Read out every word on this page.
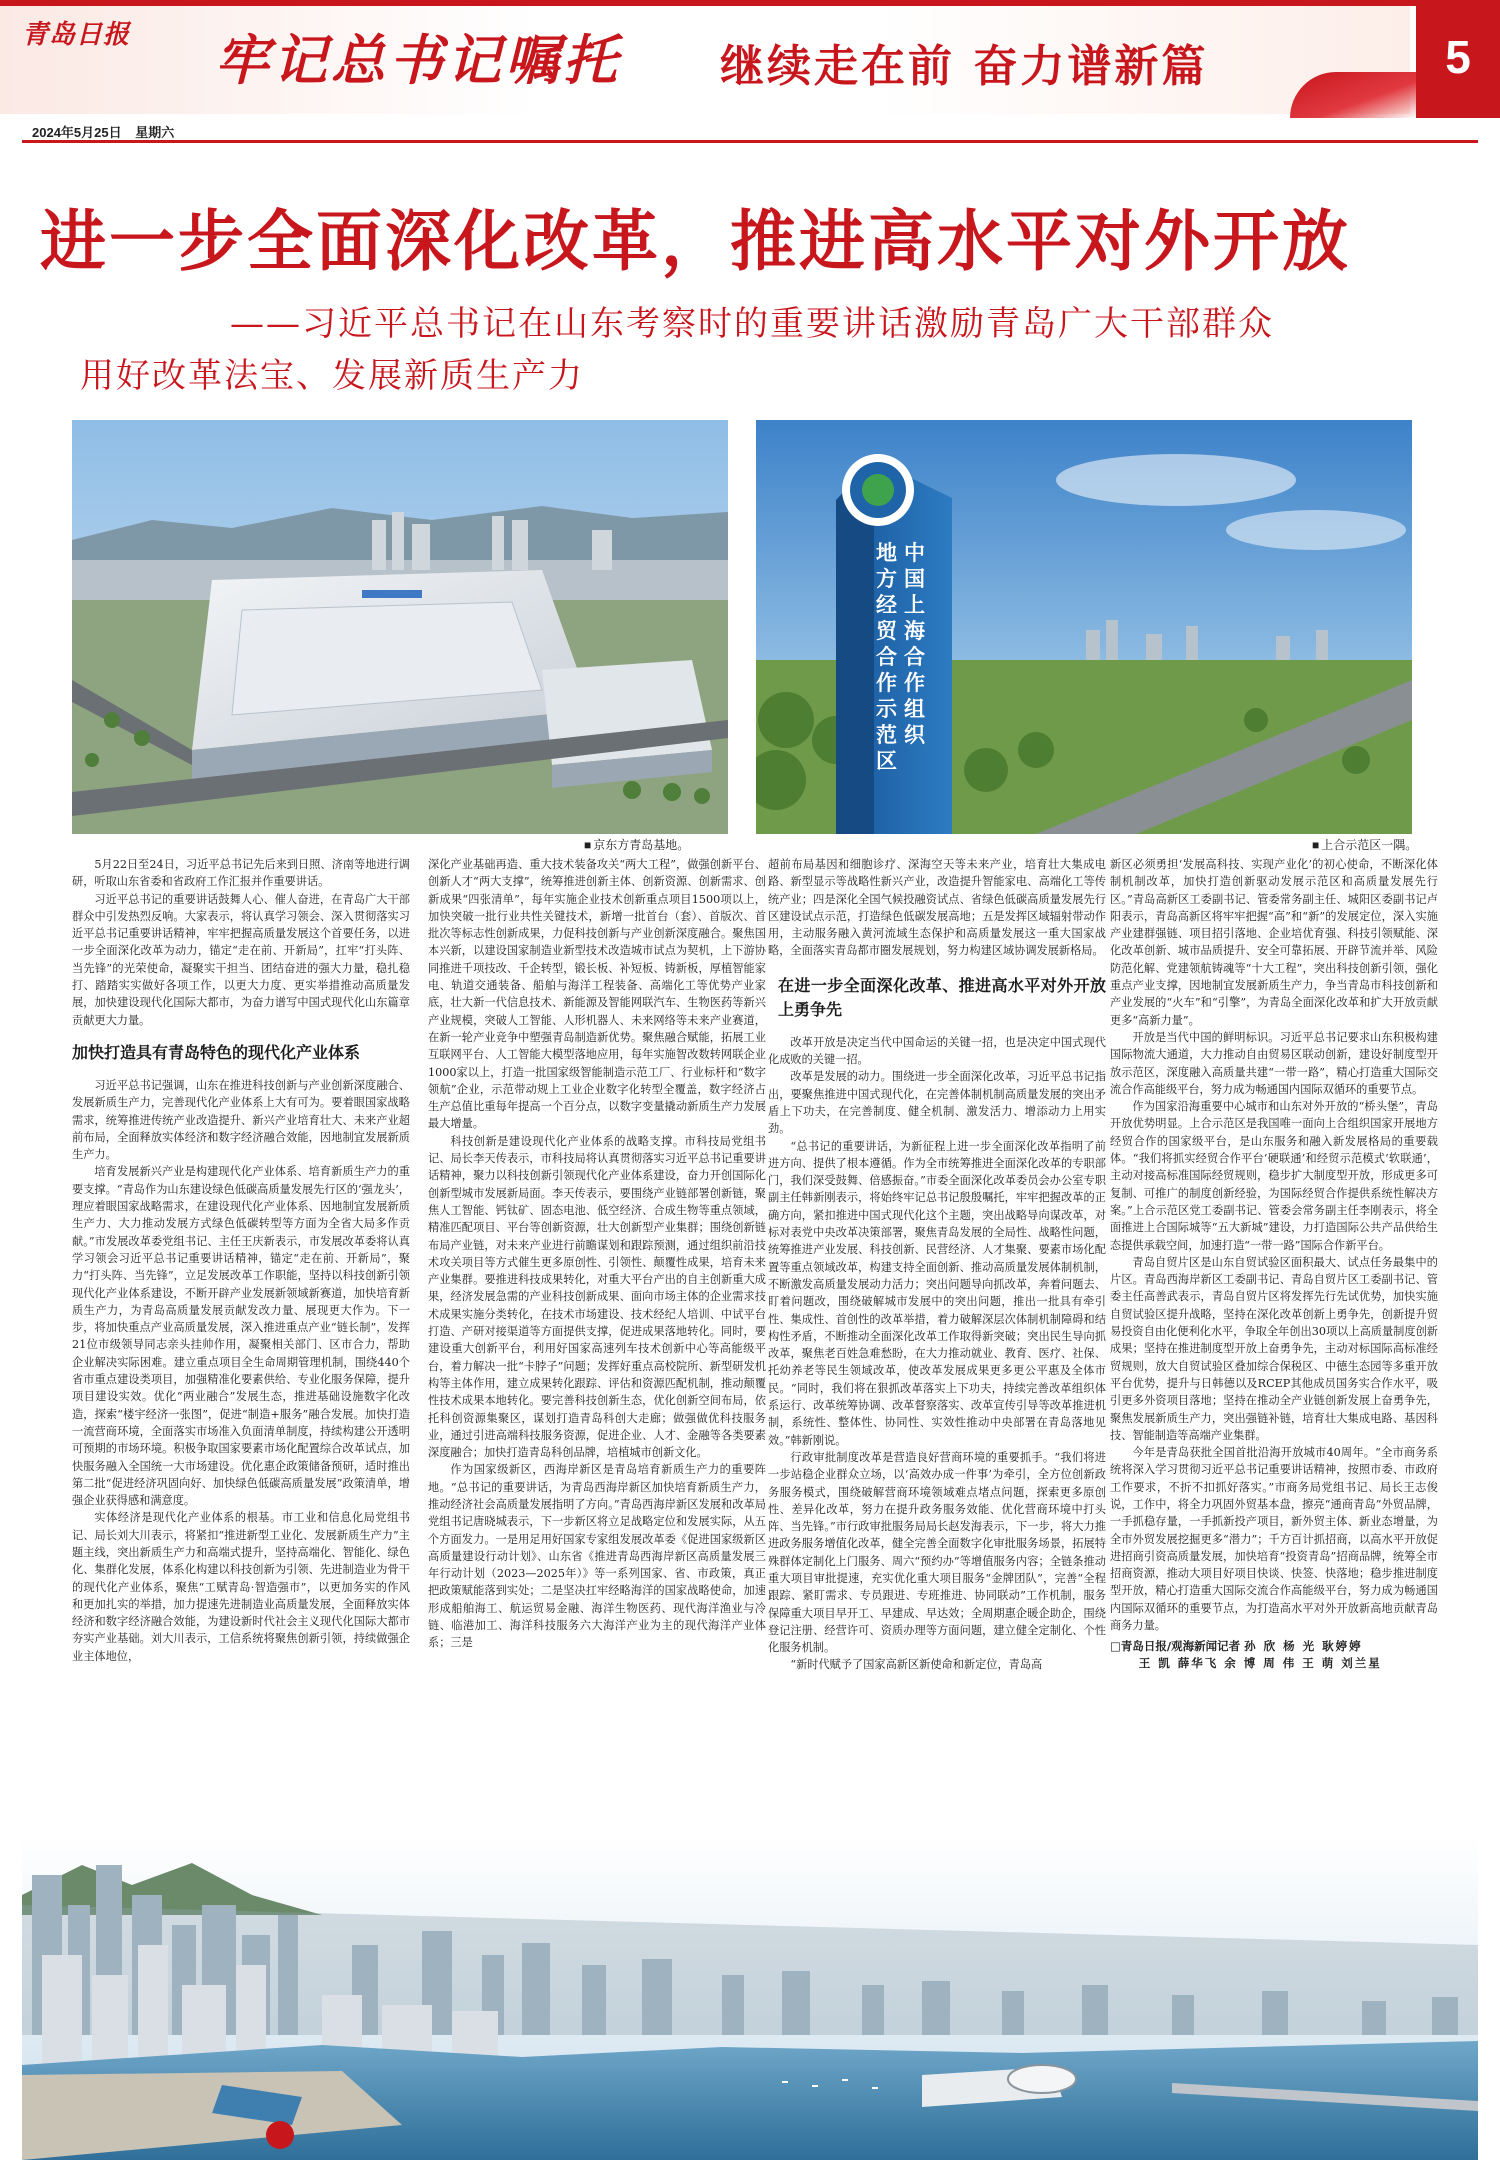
青岛日报 牢记总书记嘱托 继续走在前 奋力谱新篇	5
2024年5月25日 星期六
进一步全面深化改革，推进高水平对外开放
——习近平总书记在山东考察时的重要讲话激励青岛广大干部群众
用好改革法宝、发展新质生产力
■ 京东方青岛基地。
中
国
上
海
合
作
组
织
地
方
经
贸
合
作
示
范
区
■ 上合示范区一隅。

5月22日至24日，习近平总书记先后来到日照、济南等地进行调研，听取山东省委和省政府工作汇报并作重要讲话。

习近平总书记的重要讲话鼓舞人心、催人奋进，在青岛广大干部群众中引发热烈反响。大家表示，将认真学习领会、深入贯彻落实习近平总书记重要讲话精神，牢牢把握高质量发展这个首要任务，以进一步全面深化改革为动力，锚定“走在前、开新局”，扛牢“打头阵、当先锋”的光荣使命，凝聚实干担当、团结奋进的强大力量，稳扎稳打、踏踏实实做好各项工作，以更大力度、更实举措推动高质量发展，加快建设现代化国际大都市，为奋力谱写中国式现代化山东篇章贡献更大力量。

加快打造具有青岛特色的现代化产业体系

习近平总书记强调，山东在推进科技创新与产业创新深度融合、发展新质生产力，完善现代化产业体系上大有可为。要着眼国家战略需求，统筹推进传统产业改造提升、新兴产业培育壮大、未来产业超前布局，全面释放实体经济和数字经济融合效能，因地制宜发展新质生产力。

培育发展新兴产业是构建现代化产业体系、培育新质生产力的重要支撑。“青岛作为山东建设绿色低碳高质量发展先行区的‘强龙头’，理应着眼国家战略需求，在建设现代化产业体系、因地制宜发展新质生产力、大力推动发展方式绿色低碳转型等方面为全省大局多作贡献。”市发展改革委党组书记、主任王庆新表示，市发展改革委将认真学习领会习近平总书记重要讲话精神，锚定“走在前、开新局”，聚力“打头阵、当先锋”，立足发展改革工作职能，坚持以科技创新引领现代化产业体系建设，不断开辟产业发展新领域新赛道，加快培育新质生产力，为青岛高质量发展贡献发改力量、展现更大作为。下一步，将加快重点产业高质量发展，深入推进重点产业“链长制”，发挥21位市级领导同志亲头挂帅作用，凝聚相关部门、区市合力，帮助企业解决实际困难。建立重点项目全生命周期管理机制，围绕440个省市重点建设类项目，加强精准化要素供给、专业化服务保障，提升项目建设实效。优化“两业融合”发展生态，推进基础设施数字化改造，探索“楼宇经济一张图”，促进“制造+服务”融合发展。加快打造一流营商环境，全面落实市场准入负面清单制度，持续构建公开透明可预期的市场环境。积极争取国家要素市场化配置综合改革试点，加快服务融入全国统一大市场建设。优化惠企政策储备预研，适时推出第二批“促进经济巩固向好、加快绿色低碳高质量发展”政策清单，增强企业获得感和满意度。

实体经济是现代化产业体系的根基。市工业和信息化局党组书记、局长刘大川表示，将紧扣“推进新型工业化、发展新质生产力”主题主线，突出新质生产力和高端式提升，坚持高端化、智能化、绿色化、集群化发展，体系化构建以科技创新为引领、先进制造业为骨干的现代化产业体系，聚焦“工赋青岛·智造强市”，以更加务实的作风和更加扎实的举措，加力提速先进制造业高质量发展，全面释放实体经济和数字经济融合效能，为建设新时代社会主义现代化国际大都市夯实产业基础。刘大川表示，工信系统将聚焦创新引领，持续做强企业主体地位，

深化产业基础再造、重大技术装备攻关“两大工程”，做强创新平台、创新人才“两大支撑”，统筹推进创新主体、创新资源、创新需求、创新成果“四张清单”，每年实施企业技术创新重点项目1500项以上，加快突破一批行业共性关键技术，新增一批首台（套）、首版次、首批次等标志性创新成果，力促科技创新与产业创新深度融合。聚焦国本兴新，以建设国家制造业新型技术改造城市试点为契机，上下游协同推进千项技改、千企转型，锻长板、补短板、铸新板，厚植智能家电、轨道交通装备、船舶与海洋工程装备、高端化工等优势产业家底，壮大新一代信息技术、新能源及智能网联汽车、生物医药等新兴产业规模，突破人工智能、人形机器人、未来网络等未来产业赛道，在新一轮产业竞争中塑强青岛制造新优势。聚焦融合赋能，拓展工业互联网平台、人工智能大模型落地应用，每年实施智改数转网联企业1000家以上，打造一批国家级智能制造示范工厂、行业标杆和“数字领航”企业，示范带动规上工业企业数字化转型全覆盖，数字经济占生产总值比重每年提高一个百分点，以数字变量撬动新质生产力发展最大增量。

科技创新是建设现代化产业体系的战略支撑。市科技局党组书记、局长李天传表示，市科技局将认真贯彻落实习近平总书记重要讲话精神，聚力以科技创新引领现代化产业体系建设，奋力开创国际化创新型城市发展新局面。李天传表示，要围绕产业链部署创新链，聚焦人工智能、钙钛矿、固态电池、低空经济、合成生物等重点领域，精准匹配项目、平台等创新资源，壮大创新型产业集群；围绕创新链布局产业链，对未来产业进行前瞻谋划和跟踪预测，通过组织前沿技术攻关项目等方式催生更多原创性、引领性、颠覆性成果，培育未来产业集群。要推进科技成果转化，对重大平台产出的自主创新重大成果，经济发展急需的产业科技创新成果、面向市场主体的企业需求技术成果实施分类转化，在技术市场建设、技术经纪人培训、中试平台打造、产研对接渠道等方面提供支撑，促进成果落地转化。同时，要建设重大创新平台，利用好国家高速列车技术创新中心等高能级平台，着力解决一批“卡脖子”问题；发挥好重点高校院所、新型研发机构等主体作用，建立成果转化跟踪、评估和资源匹配机制，推动颠覆性技术成果本地转化。要完善科技创新生态，优化创新空间布局，依托科创资源集聚区，谋划打造青岛科创大走廊；做强做优科技服务业，通过引进高端科技服务资源，促进企业、人才、金融等各类要素深度融合；加快打造青岛科创品牌，培植城市创新文化。

作为国家级新区，西海岸新区是青岛培育新质生产力的重要阵地。“总书记的重要讲话，为青岛西海岸新区加快培育新质生产力，推动经济社会高质量发展指明了方向。”青岛西海岸新区发展和改革局党组书记唐晓城表示，下一步新区将立足战略定位和发展实际，从五个方面发力。一是用足用好国家专家组发展改革委《促进国家级新区高质量建设行动计划》、山东省《推进青岛西海岸新区高质量发展三年行动计划（2023—2025年）》等一系列国家、省、市政策，真正把政策赋能落到实处；二是坚决扛牢经略海洋的国家战略使命，加速形成船舶海工、航运贸易金融、海洋生物医药、现代海洋渔业与冷链、临港加工、海洋科技服务六大海洋产业为主的现代海洋产业体系；三是

超前布局基因和细胞诊疗、深海空天等未来产业，培育壮大集成电路、新型显示等战略性新兴产业，改造提升智能家电、高端化工等传统产业；四是深化全国气候投融资试点、省绿色低碳高质量发展先行区建设试点示范，打造绿色低碳发展高地；五是发挥区域辐射带动作用，主动服务融入黄河流域生态保护和高质量发展这一重大国家战略，全面落实青岛都市圈发展规划，努力构建区域协调发展新格局。

在进一步全面深化改革、推进高水平对外开放上勇争先

改革开放是决定当代中国命运的关键一招，也是决定中国式现代化成败的关键一招。

改革是发展的动力。围绕进一步全面深化改革，习近平总书记指出，要聚焦推进中国式现代化，在完善体制机制高质量发展的突出矛盾上下功夫，在完善制度、健全机制、激发活力、增添动力上用实劲。

“总书记的重要讲话，为新征程上进一步全面深化改革指明了前进方向、提供了根本遵循。作为全市统筹推进全面深化改革的专职部门，我们深受鼓舞、倍感振奋。”市委全面深化改革委员会办公室专职副主任韩新刚表示，将始终牢记总书记殷殷嘱托，牢牢把握改革的正确方向，紧扣推进中国式现代化这个主题，突出战略导向谋改革，对标对表党中央改革决策部署，聚焦青岛发展的全局性、战略性问题，统筹推进产业发展、科技创新、民营经济、人才集聚、要素市场化配置等重点领域改革，构建支持全面创新、推动高质量发展体制机制，不断激发高质量发展动力活力；突出问题导向抓改革，奔着问题去、盯着问题改，围绕破解城市发展中的突出问题，推出一批具有牵引性、集成性、首创性的改革举措，着力破解深层次体制机制障碍和结构性矛盾，不断推动全面深化改革工作取得新突破；突出民生导向抓改革，聚焦老百姓急难愁盼，在大力推动就业、教育、医疗、社保、托幼养老等民生领域改革，使改革发展成果更多更公平惠及全体市民。“同时，我们将在狠抓改革落实上下功夫，持续完善改革组织体系运行、改革统筹协调、改革督察落实、改革宣传引导等改革推进机制，系统性、整体性、协同性、实效性推动中央部署在青岛落地见效。”韩新刚说。

行政审批制度改革是营造良好营商环境的重要抓手。“我们将进一步站稳企业群众立场，以‘高效办成一件事’为牵引，全方位创新政务服务模式，围绕破解营商环境领域难点堵点问题，探索更多原创性、差异化改革，努力在提升政务服务效能、优化营商环境中打头阵、当先锋。”市行政审批服务局局长赵发海表示，下一步，将大力推进政务服务增值化改革，健全完善全面数字化审批服务场景，拓展特殊群体定制化上门服务、周六“预约办”等增值服务内容；全链条推动重大项目审批提速，充实优化重大项目服务“金牌团队”，完善“全程跟踪、紧盯需求、专员跟进、专班推进、协同联动”工作机制，服务保障重大项目早开工、早建成、早达效；全周期惠企暖企助企，围绕登记注册、经营许可、资质办理等方面问题，建立健全定制化、个性化服务机制。

“新时代赋予了国家高新区新使命和新定位，青岛高

新区必须勇担‘发展高科技、实现产业化’的初心使命，不断深化体制机制改革，加快打造创新驱动发展示范区和高质量发展先行区。”青岛高新区工委副书记、管委常务副主任、城阳区委副书记卢阳表示，青岛高新区将牢牢把握“高”和“新”的发展定位，深入实施产业建群强链、项目招引落地、企业培优育强、科技引领赋能、深化改革创新、城市品质提升、安全可靠拓展、开辟节流并举、风险防范化解、党建领航铸魂等“十大工程”，突出科技创新引领，强化重点产业支撑，因地制宜发展新质生产力，争当青岛市科技创新和产业发展的“火车”和“引擎”，为青岛全面深化改革和扩大开放贡献更多“高新力量”。

开放是当代中国的鲜明标识。习近平总书记要求山东积极构建国际物流大通道，大力推动自由贸易区联动创新，建设好制度型开放示范区，深度融入高质量共建“一带一路”，精心打造重大国际交流合作高能级平台，努力成为畅通国内国际双循环的重要节点。

作为国家沿海重要中心城市和山东对外开放的“桥头堡”，青岛开放优势明显。上合示范区是我国唯一面向上合组织国家开展地方经贸合作的国家级平台，是山东服务和融入新发展格局的重要载体。“我们将抓实经贸合作平台‘硬联通’和经贸示范模式‘软联通’，主动对接高标准国际经贸规则，稳步扩大制度型开放，形成更多可复制、可推广的制度创新经验，为国际经贸合作提供系统性解决方案。”上合示范区党工委副书记、管委会常务副主任李刚表示，将全面推进上合国际城等“五大新城”建设，力打造国际公共产品供给生态提供承载空间，加速打造“一带一路”国际合作新平台。

青岛自贸片区是山东自贸试验区面积最大、试点任务最集中的片区。青岛西海岸新区工委副书记、青岛自贸片区工委副书记、管委主任高善武表示，青岛自贸片区将发挥先行先试优势，加快实施自贸试验区提升战略，坚持在深化改革创新上勇争先，创新提升贸易投资自由化便利化水平，争取全年创出30项以上高质量制度创新成果；坚持在推进制度型开放上奋勇争先，主动对标国际高标准经贸规则，放大自贸试验区叠加综合保税区、中德生态园等多重开放平台优势，提升与日韩德以及RCEP其他成员国务实合作水平，吸引更多外资项目落地；坚持在推动全产业链创新发展上奋勇争先，聚焦发展新质生产力，突出强链补链，培育壮大集成电路、基因科技、智能制造等高端产业集群。

今年是青岛获批全国首批沿海开放城市40周年。“全市商务系统将深入学习贯彻习近平总书记重要讲话精神，按照市委、市政府工作要求，不折不扣抓好落实。”市商务局党组书记、局长王志俊说，工作中，将全力巩固外贸基本盘，擦亮“通商青岛”外贸品牌，一手抓稳存量，一手抓新投产项目，新外贸主体、新业态增量，为全市外贸发展挖掘更多“潜力”；千方百计抓招商，以高水平开放促进招商引资高质量发展，加快培育“投资青岛”招商品牌，统筹全市招商资源，推动大项目好项目快谈、快签、快落地；稳步推进制度型开放，精心打造重大国际交流合作高能级平台，努力成为畅通国内国际双循环的重要节点，为打造高水平对外开放新高地贡献青岛商务力量。

□青岛日报/观海新闻记者 孙 欣 杨 光 耿婷婷
王 凯 薛华飞 余 博 周 伟 王 萌 刘兰星
